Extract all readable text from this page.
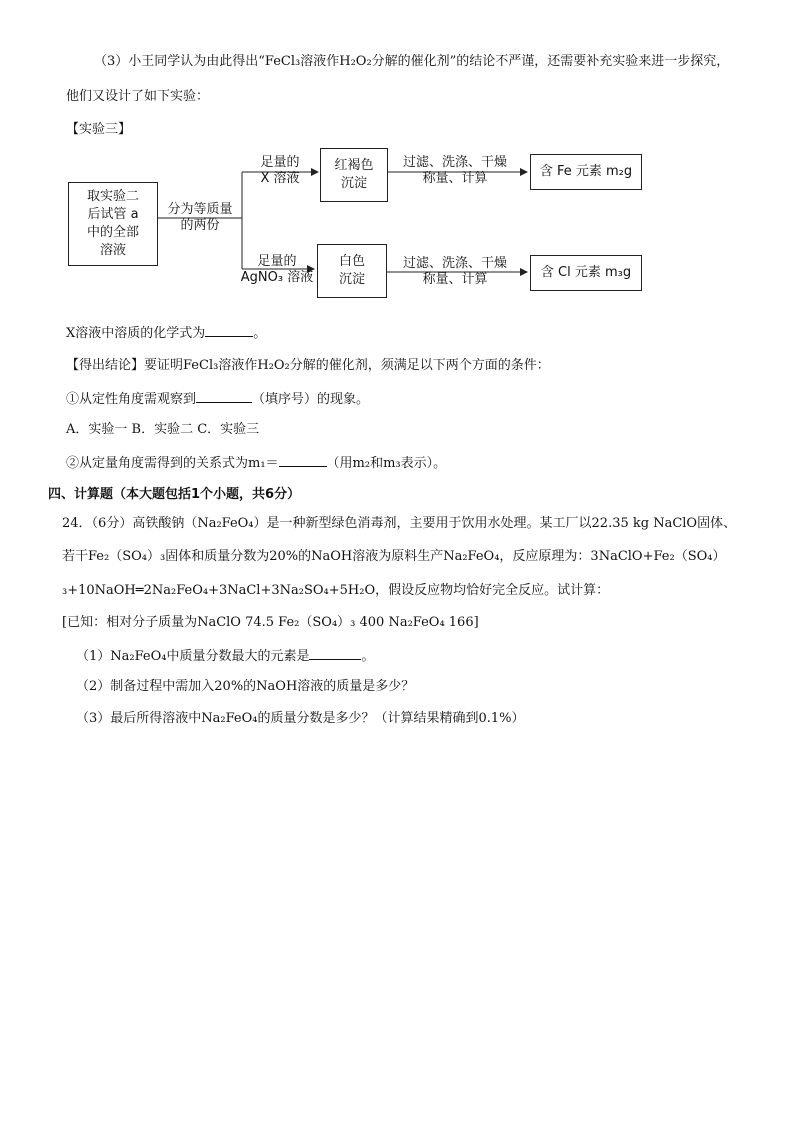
（3）小王同学认为由此得出“FeCl₃溶液作H₂O₂分解的催化剂”的结论不严谨，还需要补充实验来进一步探究，
他们又设计了如下实验：
【实验三】
取实验二
后试管 a
中的全部
溶液
分为等质量
的两份
足量的
X 溶液
红褐色
沉淀
过滤、洗涤、干燥
称量、计算	含 Fe 元素 m₂g
足量的
AgNO₃ 溶液
白色
沉淀
过滤、洗涤、干燥
称量、计算	含 Cl 元素 m₃g
X溶液中溶质的化学式为	。
【得出结论】要证明FeCl₃溶液作H₂O₂分解的催化剂，须满足以下两个方面的条件：
①从定性角度需观察到	（填序号）的现象。
A．实验一 B．实验二 C．实验三
②从定量角度需得到的关系式为m₁＝	（用m₂和m₃表示）。
四、计算题（本大题包括1个小题，共6分）
24．（6分）高铁酸钠（Na₂FeO₄）是一种新型绿色消毒剂，主要用于饮用水处理。某工厂以22.35 kg NaClO固体、
若干Fe₂（SO₄）₃固体和质量分数为20%的NaOH溶液为原料生产Na₂FeO₄，反应原理为：3NaClO+Fe₂（SO₄）
₃+10NaOH═2Na₂FeO₄+3NaCl+3Na₂SO₄+5H₂O，假设反应物均恰好完全反应。试计算：
[已知：相对分子质量为NaClO 74.5 Fe₂（SO₄）₃ 400 Na₂FeO₄ 166]
（1）Na₂FeO₄中质量分数最大的元素是	。
（2）制备过程中需加入20%的NaOH溶液的质量是多少？
（3）最后所得溶液中Na₂FeO₄的质量分数是多少？（计算结果精确到0.1%）
